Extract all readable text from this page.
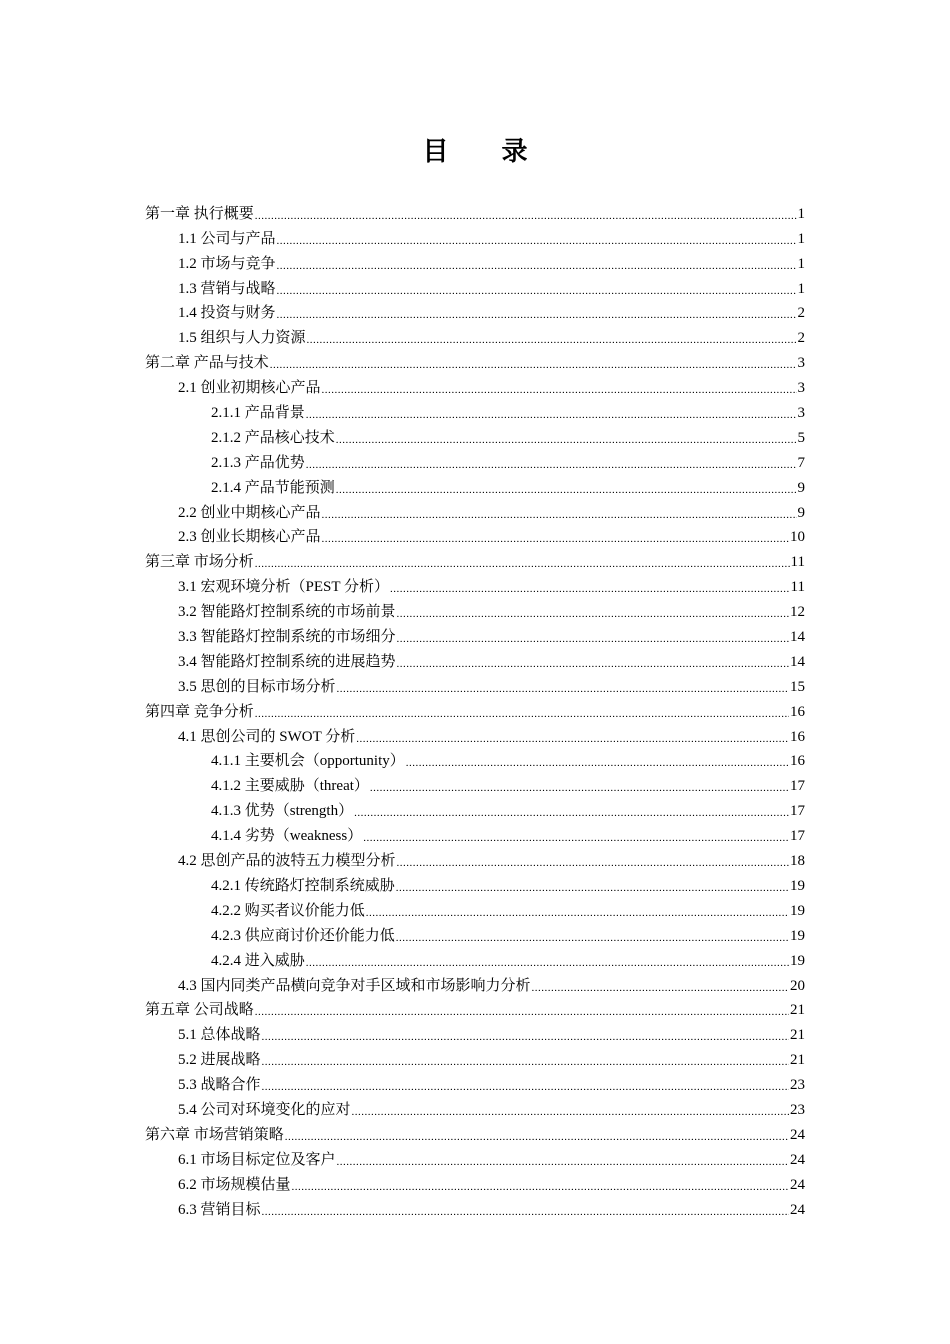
目 录
第一章 执行概要 .....	1
1.1 公司与产品 .....	1
1.2 市场与竞争 .....	1
1.3 营销与战略 .....	1
1.4 投资与财务 .....	2
1.5 组织与人力资源 .....	2
第二章 产品与技术 .....	3
2.1 创业初期核心产品 .....	3
2.1.1 产品背景 .....	3
2.1.2 产品核心技术 .....	5
2.1.3 产品优势 .....	7
2.1.4 产品节能预测 .....	9
2.2 创业中期核心产品 .....	9
2.3 创业长期核心产品 .....	10
第三章 市场分析 .....	11
3.1 宏观环境分析（PEST 分析） .....	11
3.2 智能路灯控制系统的市场前景 .....	12
3.3 智能路灯控制系统的市场细分 .....	14
3.4 智能路灯控制系统的进展趋势 .....	14
3.5 思创的目标市场分析 .....	15
第四章 竞争分析 .....	16
4.1 思创公司的 SWOT 分析 .....	16
4.1.1 主要机会（opportunity） .....	16
4.1.2 主要威胁（threat） .....	17
4.1.3 优势（strength） .....	17
4.1.4 劣势（weakness） .....	17
4.2 思创产品的波特五力模型分析 .....	18
4.2.1 传统路灯控制系统威胁 .....	19
4.2.2 购买者议价能力低 .....	19
4.2.3 供应商讨价还价能力低 .....	19
4.2.4 进入威胁 .....	19
4.3 国内同类产品横向竞争对手区域和市场影响力分析 .....	20
第五章 公司战略 .....	21
5.1 总体战略 .....	21
5.2 进展战略 .....	21
5.3 战略合作 .....	23
5.4 公司对环境变化的应对 .....	23
第六章 市场营销策略 .....	24
6.1 市场目标定位及客户 .....	24
6.2 市场规模估量 .....	24
6.3 营销目标 .....	24
